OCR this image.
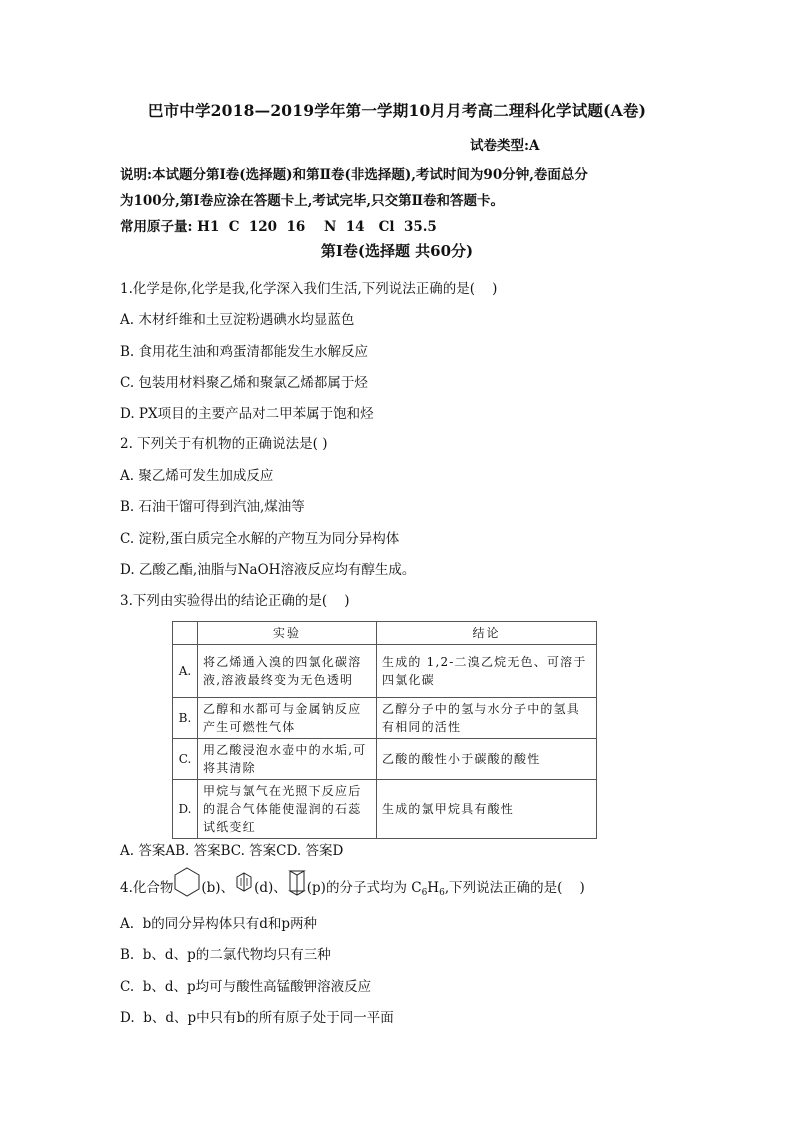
巴市中学2018—2019学年第一学期10月月考高二理科化学试题(A卷)
试卷类型:A
说明:本试题分第Ⅰ卷(选择题)和第Ⅱ卷(非选择题),考试时间为90分钟,卷面总分
为100分,第Ⅰ卷应涂在答题卡上,考试完毕,只交第Ⅱ卷和答题卡。
常用原子量: H1  C  120  16    N  14   Cl  35.5
第Ⅰ卷(选择题 共60分)
1.化学是你,化学是我,化学深入我们生活,下列说法正确的是(    )
A. 木材纤维和土豆淀粉遇碘水均显蓝色
B. 食用花生油和鸡蛋清都能发生水解反应
C. 包装用材料聚乙烯和聚氯乙烯都属于烃
D. PX项目的主要产品对二甲苯属于饱和烃
2. 下列关于有机物的正确说法是( )
A. 聚乙烯可发生加成反应
B. 石油干馏可得到汽油,煤油等
C. 淀粉,蛋白质完全水解的产物互为同分异构体
D. 乙酸乙酯,油脂与NaOH溶液反应均有醇生成。
3.下列由实验得出的结论正确的是(    )
	实验	结论
A.	将乙烯通入溴的四氯化碳溶液,溶液最终变为无色透明	生成的 1,2-二溴乙烷无色、可溶于四氯化碳
B.	乙醇和水都可与金属钠反应产生可燃性气体	乙醇分子中的氢与水分子中的氢具有相同的活性
C.	用乙酸浸泡水壶中的水垢,可将其清除	乙酸的酸性小于碳酸的酸性
D.	甲烷与氯气在光照下反应后的混合气体能使湿润的石蕊试纸变红	生成的氯甲烷具有酸性
A. 答案AB. 答案BC. 答案CD. 答案D
4.化合物 (b)、 (d)、 (p)的分子式均为 $C_6H_6$,下列说法正确的是(    )
A.  b的同分异构体只有d和p两种
B.  b、d、p的二氯代物均只有三种
C.  b、d、p均可与酸性高锰酸钾溶液反应
D.  b、d、p中只有b的所有原子处于同一平面
